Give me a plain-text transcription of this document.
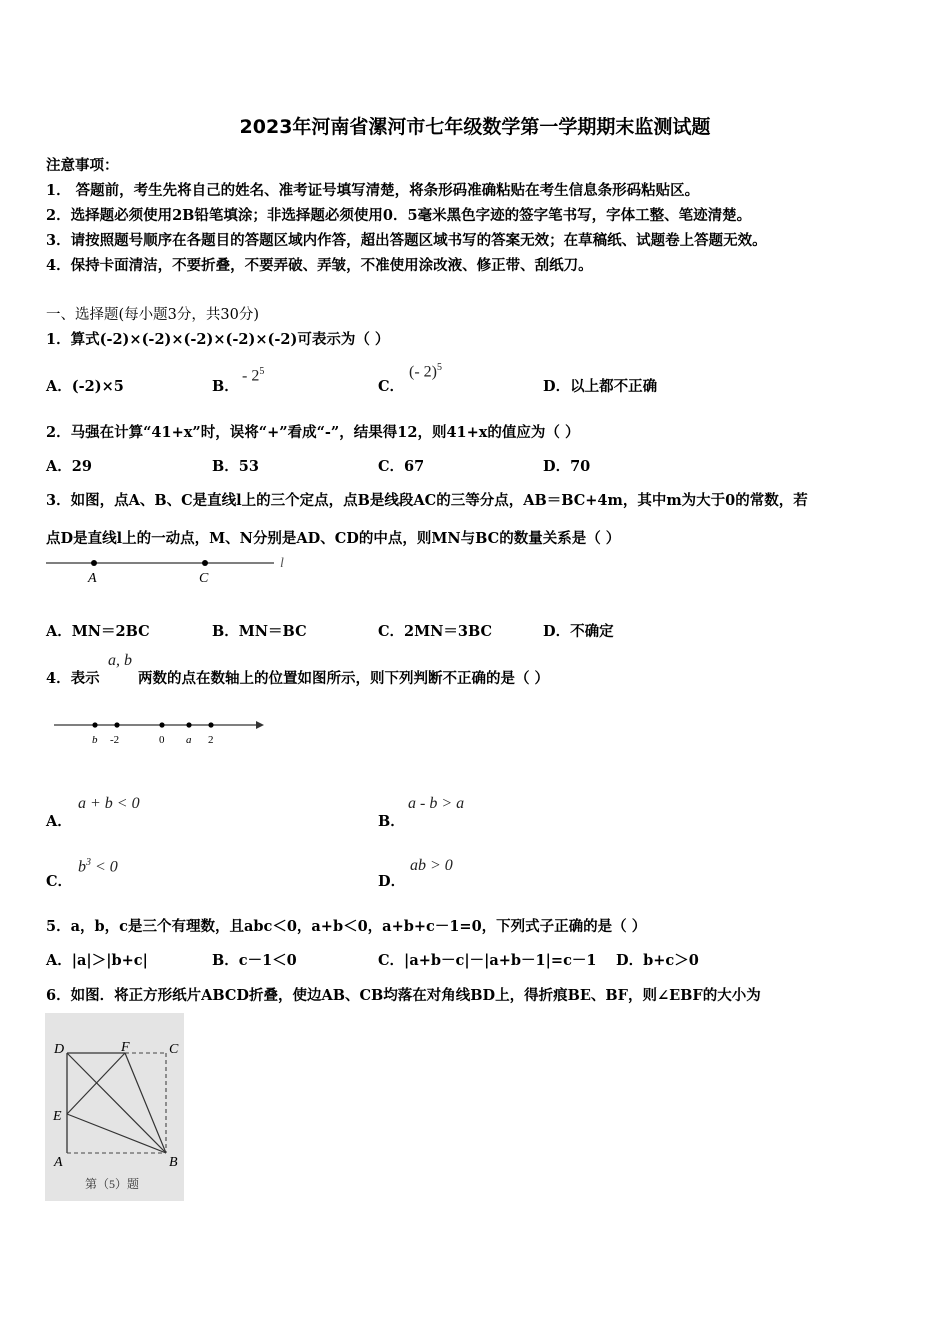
2023年河南省漯河市七年级数学第一学期期末监测试题
注意事项：
1． 答题前，考生先将自己的姓名、准考证号填写清楚，将条形码准确粘贴在考生信息条形码粘贴区。
2．选择题必须使用2B铅笔填涂；非选择题必须使用0．5毫米黑色字迹的签字笔书写，字体工整、笔迹清楚。
3．请按照题号顺序在各题目的答题区域内作答，超出答题区域书写的答案无效；在草稿纸、试题卷上答题无效。
4．保持卡面清洁，不要折叠，不要弄破、弄皱，不准使用涂改液、修正带、刮纸刀。
一、选择题(每小题3分，共30分)
1．算式(-2)×(-2)×(-2)×(-2)×(-2)可表示为（ ）
A．(-2)×5	B．
- $2^5$
C．
(- 2)$^5$
D．以上都不正确
2．马强在计算“41+x”时，误将“+”看成“-”，结果得12，则41+x的值应为（ ）
A．29	B．53	C．67	D．70
3．如图，点A、B、C是直线l上的三个定点，点B是线段AC的三等分点，AB＝BC+4m，其中m为大于0的常数，若
点D是直线l上的一动点，M、N分别是AD、CD的中点，则MN与BC的数量关系是（ ）
A	C
l
A．MN＝2BC	B．MN＝BC	C．2MN＝3BC	D．不确定
4．表示
a, b
两数的点在数轴上的位置如图所示，则下列判断不正确的是（ ）
b -2	0 a 2
A．
a + b < 0
B．
a - b > a
C．
$b^3 < 0$
D．
ab > 0
5．a，b，c是三个有理数，且abc＜0，a+b＜0，a+b+c－1=0，下列式子正确的是（ ）
A．|a|＞|b+c|	B．c－1＜0	C．|a+b－c|－|a+b－1|=c－1 D．b+c＞0
6．如图．将正方形纸片ABCD折叠，使边AB、CB均落在对角线BD上，得折痕BE、BF，则∠EBF的大小为
D	F	C
E
A	B
第（5）题
